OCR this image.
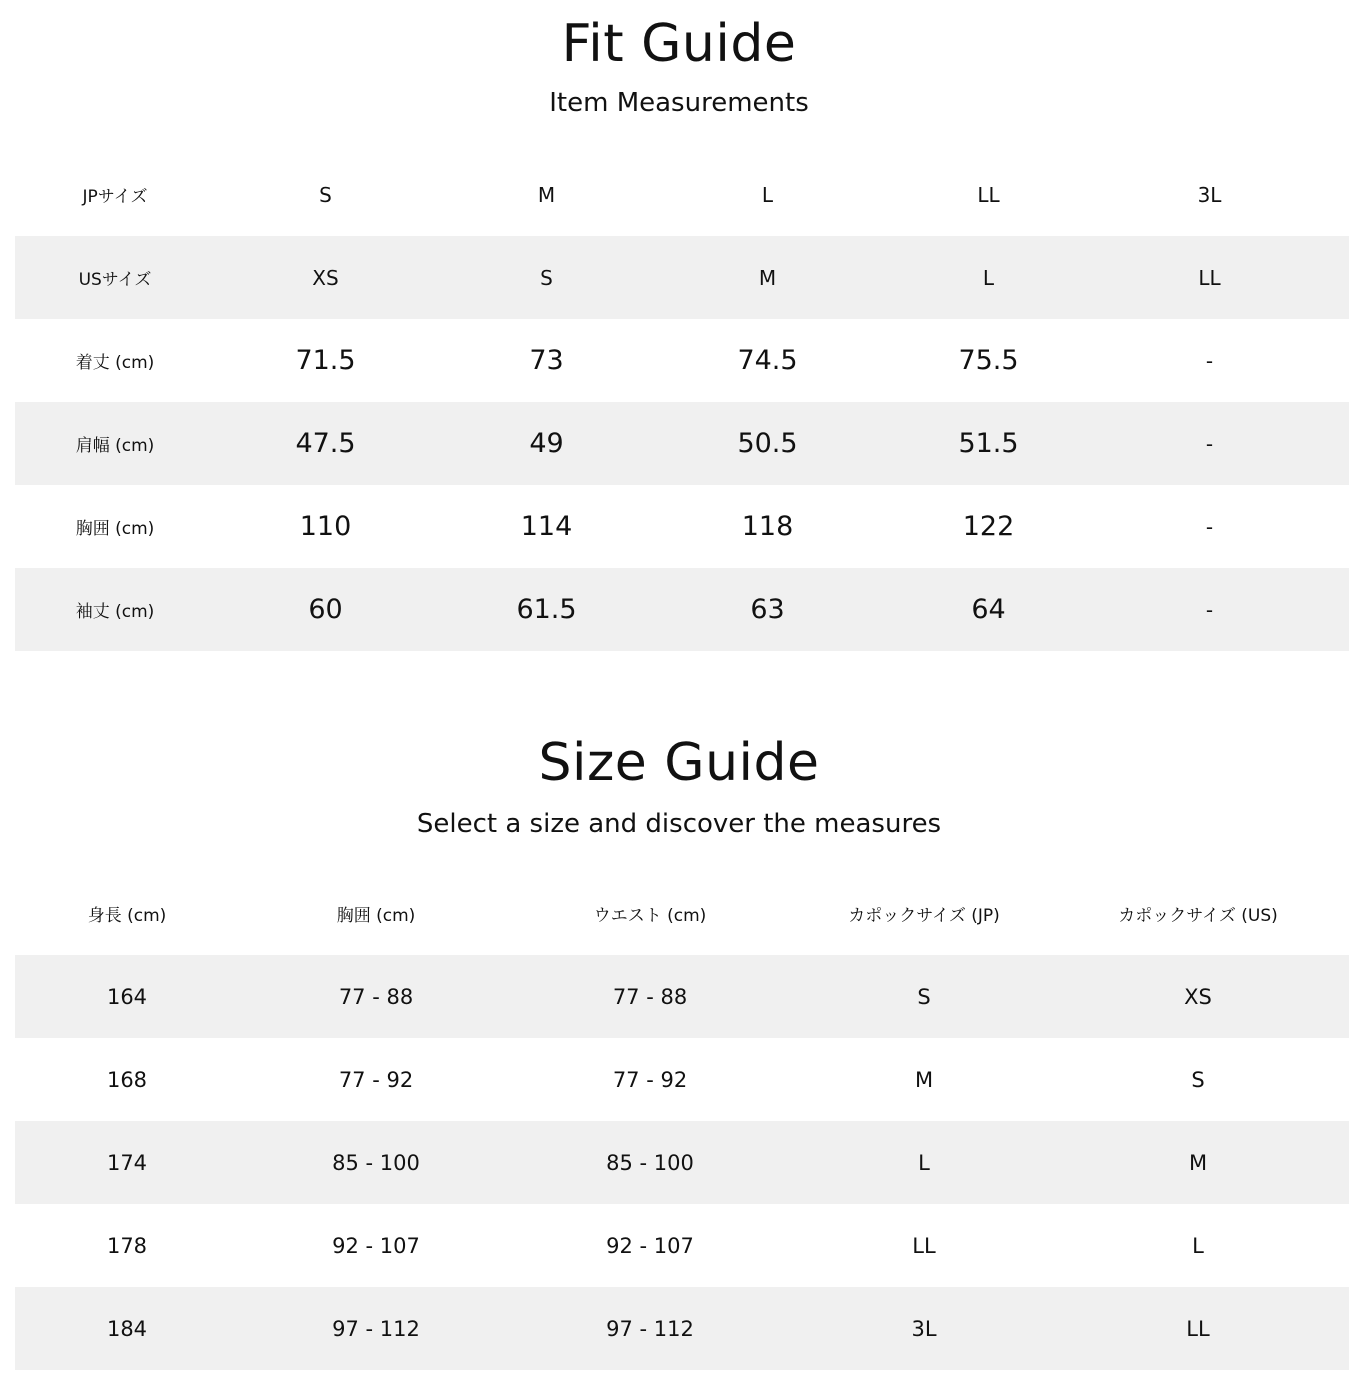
Fit Guide

Item Measurements

JPサイズ	S	M	L	LL	3L
USサイズ	XS	S	M	L	LL
着丈 (cm)	71.5	73	74.5	75.5	-
肩幅 (cm)	47.5	49	50.5	51.5	-
胸囲 (cm)	110	114	118	122	-
袖丈 (cm)	60	61.5	63	64	-
Size Guide

Select a size and discover the measures

身長 (cm)	胸囲 (cm)	ウエスト (cm)	カポックサイズ (JP)	カポックサイズ (US)
164	77 - 88	77 - 88	S	XS
168	77 - 92	77 - 92	M	S
174	85 - 100	85 - 100	L	M
178	92 - 107	92 - 107	LL	L
184	97 - 112	97 - 112	3L	LL
